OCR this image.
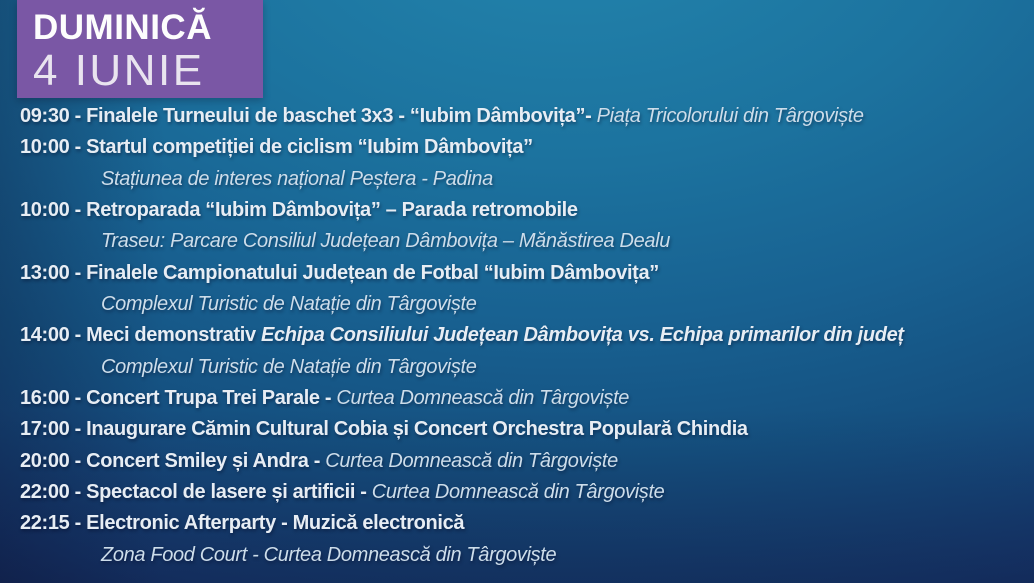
DUMINICĂ
4 IUNIE
09:30 - Finalele Turneului de baschet 3x3 - “Iubim Dâmbovița”- Piața Tricolorului din Târgoviște
10:00 - Startul competiției de ciclism “Iubim Dâmbovița”
Stațiunea de interes național Peștera - Padina
10:00 - Retroparada “Iubim Dâmbovița” – Parada retromobile
Traseu: Parcare Consiliul Județean Dâmbovița – Mănăstirea Dealu
13:00 - Finalele Campionatului Județean de Fotbal “Iubim Dâmbovița”
Complexul Turistic de Natație din Târgoviște
14:00 - Meci demonstrativ Echipa Consiliului Județean Dâmbovița vs. Echipa primarilor din județ
Complexul Turistic de Natație din Târgoviște
16:00 - Concert Trupa Trei Parale - Curtea Domnească din Târgoviște
17:00 - Inaugurare Cămin Cultural Cobia și Concert Orchestra Populară Chindia
20:00 - Concert Smiley și Andra - Curtea Domnească din Târgoviște
22:00 - Spectacol de lasere și artificii - Curtea Domnească din Târgoviște
22:15 - Electronic Afterparty - Muzică electronică
Zona Food Court - Curtea Domnească din Târgoviște
